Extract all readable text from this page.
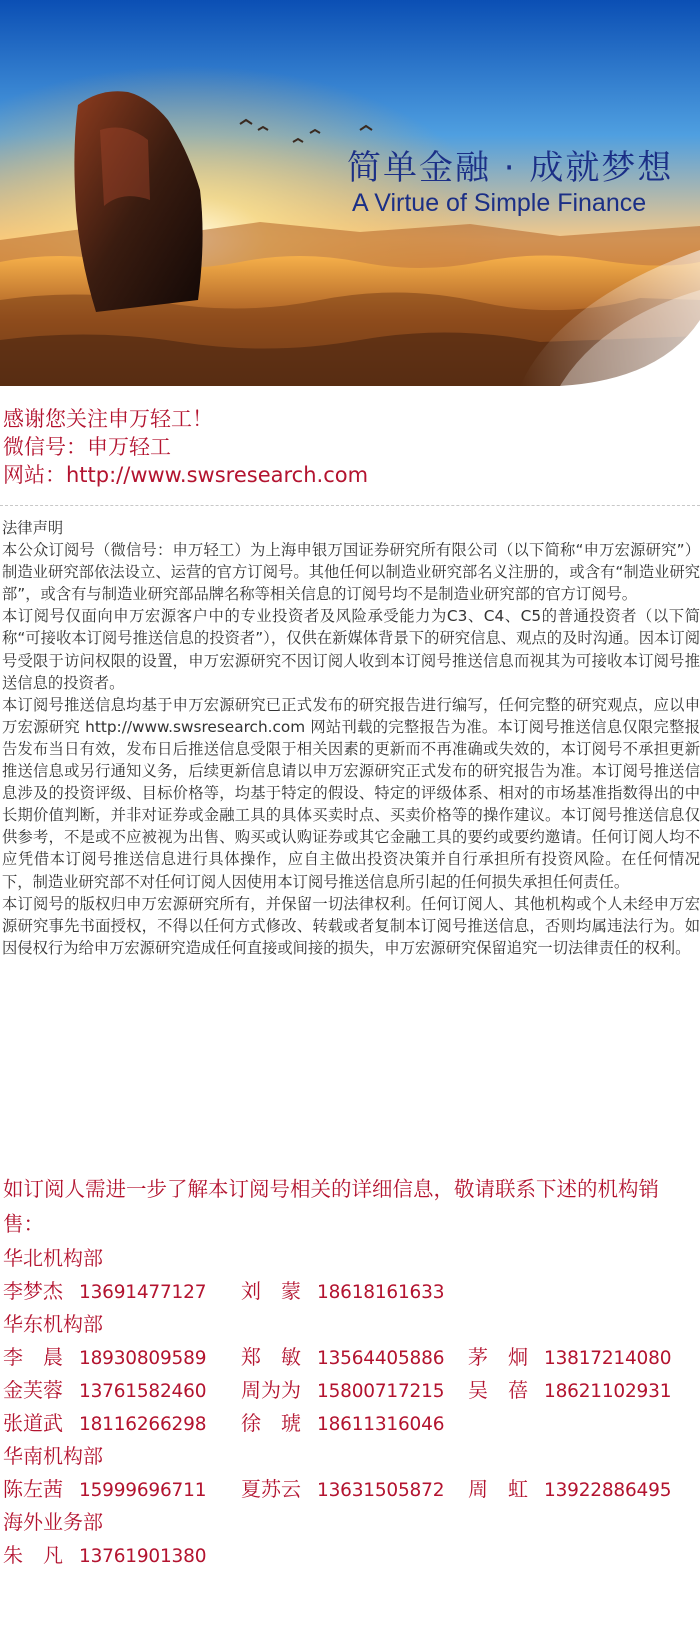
简单金融 · 成就梦想
A Virtue of Simple Finance
感谢您关注申万轻工！
微信号：申万轻工
网站：http://www.swsresearch.com

法律声明

本公众订阅号（微信号：申万轻工）为上海申银万国证券研究所有限公司（以下简称“申万宏源研究”）制造业研究部依法设立、运营的官方订阅号。其他任何以制造业研究部名义注册的，或含有“制造业研究部”，或含有与制造业研究部品牌名称等相关信息的订阅号均不是制造业研究部的官方订阅号。

本订阅号仅面向申万宏源客户中的专业投资者及风险承受能力为C3、C4、C5的普通投资者（以下简称“可接收本订阅号推送信息的投资者”），仅供在新媒体背景下的研究信息、观点的及时沟通。因本订阅号受限于访问权限的设置，申万宏源研究不因订阅人收到本订阅号推送信息而视其为可接收本订阅号推送信息的投资者。

本订阅号推送信息均基于申万宏源研究已正式发布的研究报告进行编写，任何完整的研究观点，应以申万宏源研究 http://www.swsresearch.com 网站刊载的完整报告为准。本订阅号推送信息仅限完整报告发布当日有效，发布日后推送信息受限于相关因素的更新而不再准确或失效的，本订阅号不承担更新推送信息或另行通知义务，后续更新信息请以申万宏源研究正式发布的研究报告为准。本订阅号推送信息涉及的投资评级、目标价格等，均基于特定的假设、特定的评级体系、相对的市场基准指数得出的中长期价值判断，并非对证券或金融工具的具体买卖时点、买卖价格等的操作建议。本订阅号推送信息仅供参考，不是或不应被视为出售、购买或认购证券或其它金融工具的要约或要约邀请。任何订阅人均不应凭借本订阅号推送信息进行具体操作，应自主做出投资决策并自行承担所有投资风险。在任何情况下，制造业研究部不对任何订阅人因使用本订阅号推送信息所引起的任何损失承担任何责任。

本订阅号的版权归申万宏源研究所有，并保留一切法律权利。任何订阅人、其他机构或个人未经申万宏源研究事先书面授权，不得以任何方式修改、转载或者复制本订阅号推送信息，否则均属违法行为。如因侵权行为给申万宏源研究造成任何直接或间接的损失，申万宏源研究保留追究一切法律责任的权利。

如订阅人需进一步了解本订阅号相关的详细信息，敬请联系下述的机构销售：

华北机构部
李梦杰 13691477127 刘　蒙 18618161633
华东机构部
李　晨 18930809589 郑　敏 13564405886 茅　炯 13817214080
金芙蓉 13761582460 周为为 15800717215 吴　蓓 18621102931
张道武 18116266298 徐　琥 18611316046
华南机构部
陈左茜 15999696711 夏苏云 13631505872 周　虹 13922886495
海外业务部
朱　凡 13761901380
